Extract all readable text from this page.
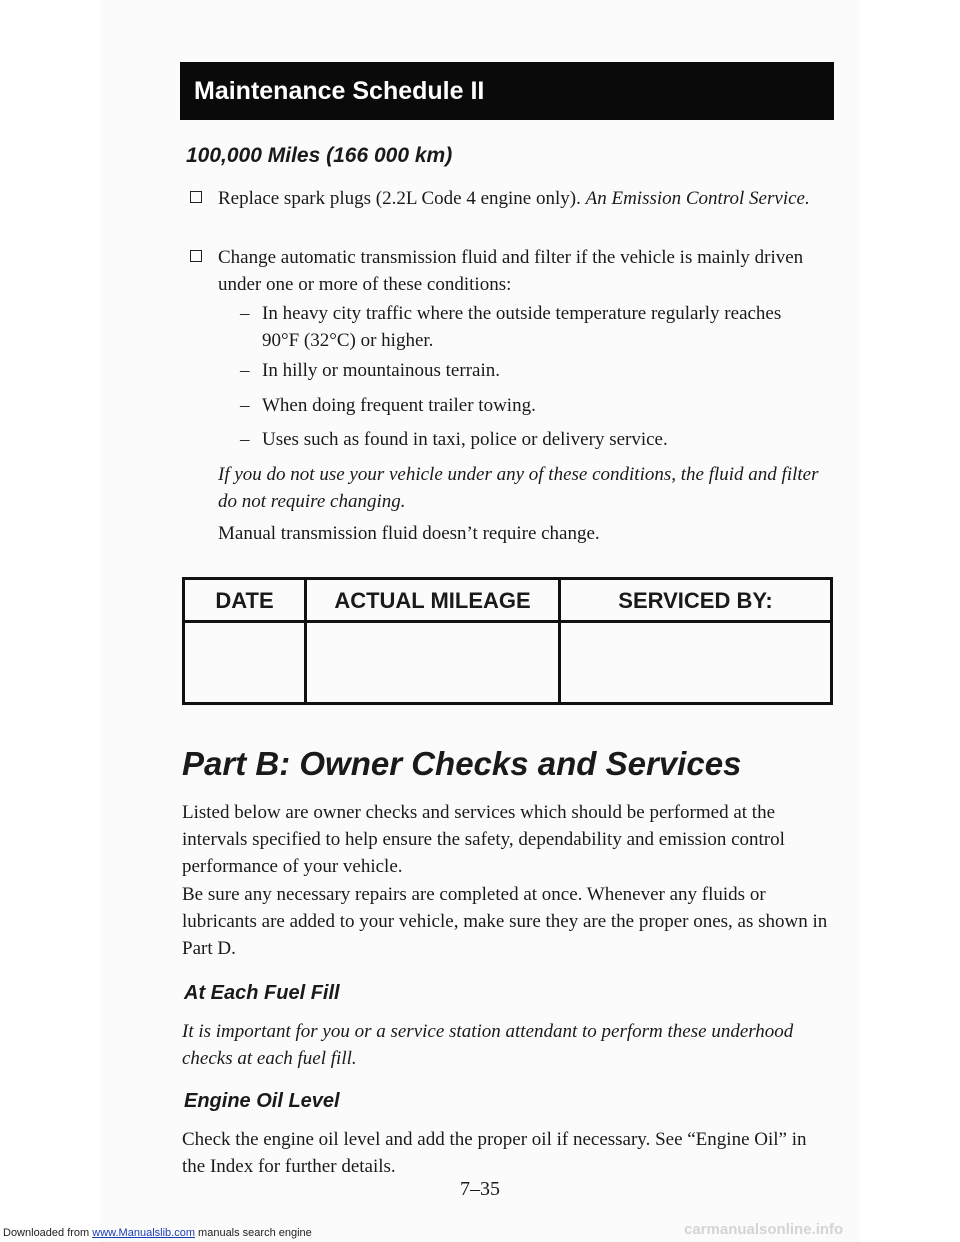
Maintenance Schedule II
100,000 Miles (166 000 km)
Replace spark plugs (2.2L Code 4 engine only). An Emission Control Service.
Change automatic transmission fluid and filter if the vehicle is mainly driven under one or more of these conditions:
– In heavy city traffic where the outside temperature regularly reaches 90°F (32°C) or higher.
– In hilly or mountainous terrain.
– When doing frequent trailer towing.
– Uses such as found in taxi, police or delivery service.
If you do not use your vehicle under any of these conditions, the fluid and filter do not require changing.
Manual transmission fluid doesn’t require change.
DATE	ACTUAL MILEAGE	SERVICED BY:
Part B: Owner Checks and Services
Listed below are owner checks and services which should be performed at the intervals specified to help ensure the safety, dependability and emission control performance of your vehicle.
Be sure any necessary repairs are completed at once. Whenever any fluids or lubricants are added to your vehicle, make sure they are the proper ones, as shown in Part D.
At Each Fuel Fill
It is important for you or a service station attendant to perform these underhood checks at each fuel fill.
Engine Oil Level
Check the engine oil level and add the proper oil if necessary. See “Engine Oil” in the Index for further details.
7–35
Downloaded from www.Manualslib.com manuals search engine	carmanualsonline.info
